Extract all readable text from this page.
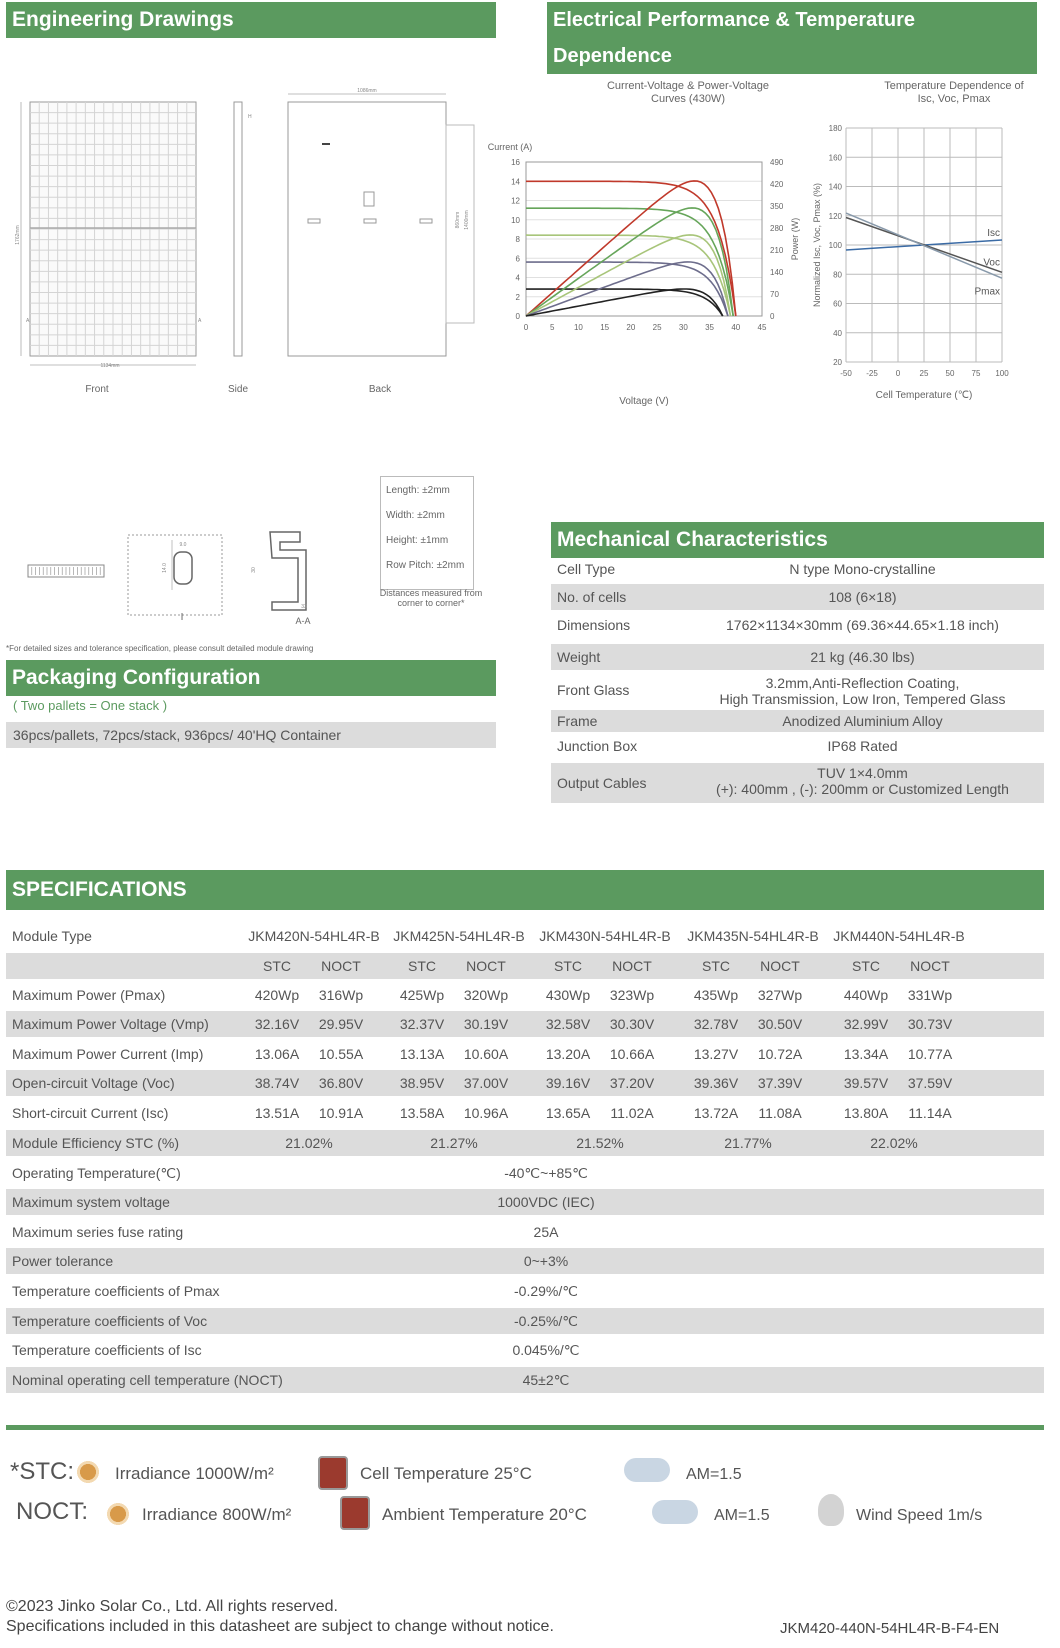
Engineering Drawings	Electrical Performance & Temperature Dependence
1134mm
1762mm
A	A
H
1086mm
860mm 1400mm
Front	Side	Back
9.0
14.0
I
30
33
A-A
Length: ±2mm
Width: ±2mm
Height: ±1mm
Row Pitch: ±2mm
Distances measured from corner to corner*
*For detailed sizes and tolerance specification, please consult detailed module drawing
Packaging Configuration
( Two pallets = One stack )
36pcs/pallets, 72pcs/stack, 936pcs/ 40'HQ Container
Current-Voltage & Power-Voltage
Curves (430W)
0
2
4
6
8
10
12
14
16
0	5 10 15 20 25 30 35 40 45
0
70
140
210
280
350
420
490
Voltage (V)
Current (A)
Power (W)
Temperature Dependence of
Isc, Voc, Pmax
20
40
60
80
100
120
140
160
180
-50 -25 0 25 50 75 100
Isc
Voc
Pmax
Cell Temperature (℃)
Normalized Isc, Voc, Pmax (%)
Mechanical Characteristics
Cell Type	N type Mono-crystalline
No. of cells	108 (6×18)
Dimensions	1762×1134×30mm (69.36×44.65×1.18 inch)
Weight	21 kg (46.30 lbs)
Front Glass	3.2mm,Anti-Reflection Coating,
High Transmission, Low Iron, Tempered Glass
Frame	Anodized Aluminium Alloy
Junction Box	IP68 Rated
Output Cables
TUV 1×4.0mm
(+): 400mm , (-): 200mm or Customized Length
SPECIFICATIONS
Module Type	JKM420N-54HL4R-B JKM425N-54HL4R-B	JKM430N-54HL4R-B	JKM435N-54HL4R-B	JKM440N-54HL4R-B
STC	NOCT	STC	NOCT	STC	NOCT	STC	NOCT	STC	NOCT
Maximum Power (Pmax)	420Wp	316Wp	425Wp	320Wp	430Wp	323Wp	435Wp	327Wp	440Wp	331Wp
Maximum Power Voltage (Vmp)	32.16V	29.95V	32.37V	30.19V	32.58V	30.30V	32.78V	30.50V	32.99V	30.73V
Maximum Power Current (Imp)	13.06A	10.55A	13.13A	10.60A	13.20A	10.66A	13.27V	10.72A	13.34A	10.77A
Open-circuit Voltage (Voc)	38.74V	36.80V	38.95V	37.00V	39.16V	37.20V	39.36V	37.39V	39.57V	37.59V
Short-circuit Current (Isc)	13.51A	10.91A	13.58A	10.96A	13.65A	11.02A	13.72A	11.08A	13.80A	11.14A
Module Efficiency STC (%)	21.02%	21.27%	21.52%	21.77%	22.02%
Operating Temperature(℃)	-40℃~+85℃
Maximum system voltage	1000VDC (IEC)
Maximum series fuse rating	25A
Power tolerance	0~+3%
Temperature coefficients of Pmax	-0.29%/℃
Temperature coefficients of Voc	-0.25%/℃
Temperature coefficients of Isc	0.045%/℃
Nominal operating cell temperature (NOCT)	45±2℃
*STC: Irradiance 1000W/m²	Cell Temperature 25°C	AM=1.5
NOCT:	Irradiance 800W/m²	Ambient Temperature 20°C	AM=1.5	Wind Speed 1m/s
©2023 Jinko Solar Co., Ltd. All rights reserved.
Specifications included in this datasheet are subject to change without notice.	JKM420-440N-54HL4R-B-F4-EN
